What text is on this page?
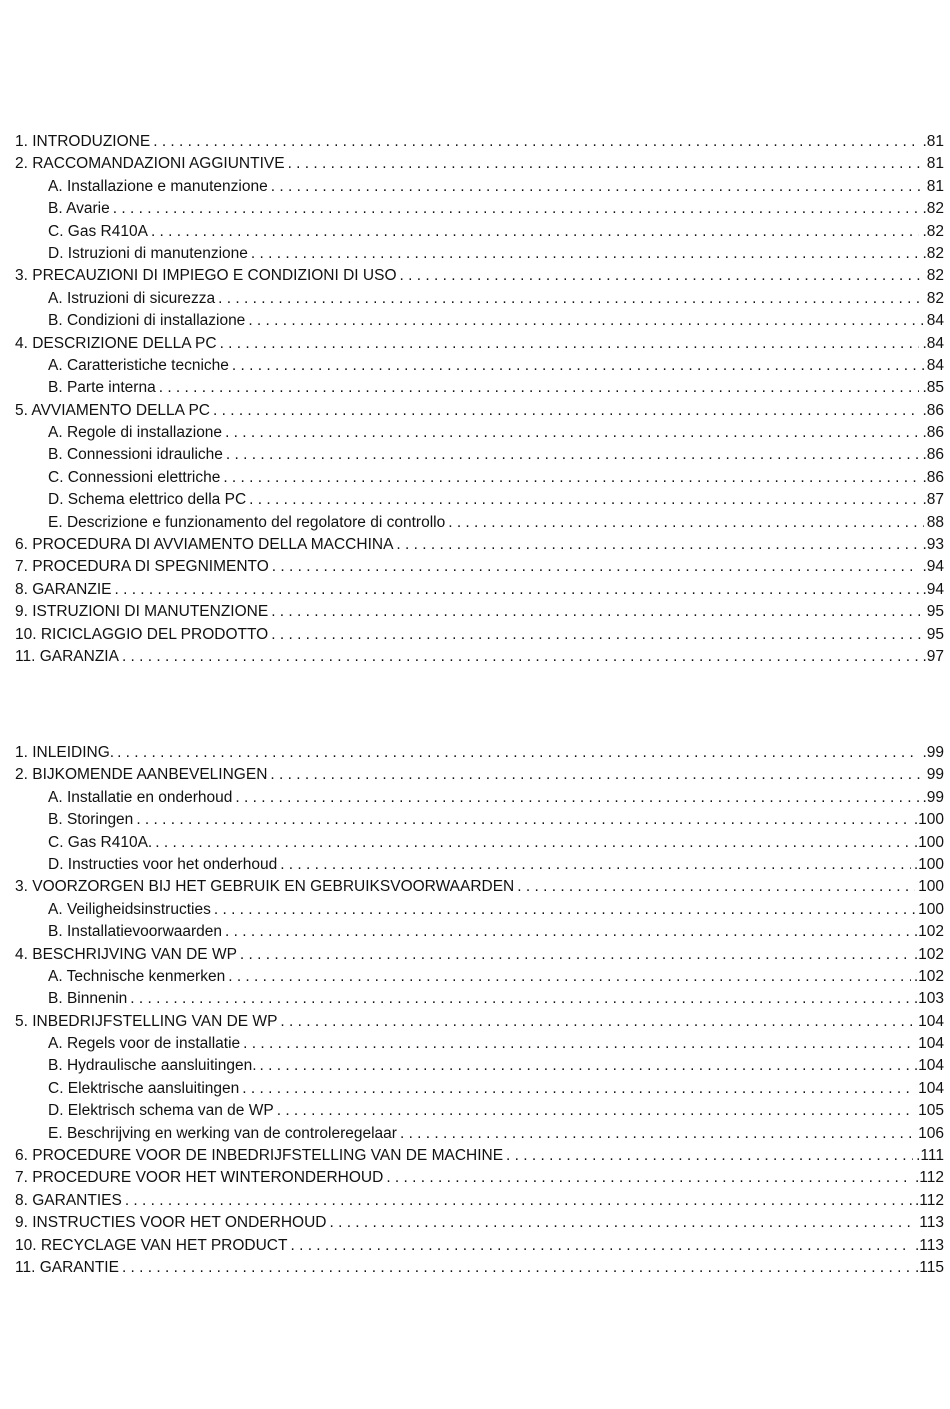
1. INTRODUZIONE . . .	.81
2. RACCOMANDAZIONI AGGIUNTIVE . . .	81
A. Installazione e manutenzione . . .	81
B. Avarie . . .	.82
C. Gas R410A . . .	.82
D. Istruzioni di manutenzione . . .	.82
3. PRECAUZIONI DI IMPIEGO E CONDIZIONI DI USO . . .	82
A. Istruzioni di sicurezza . . .	82
B. Condizioni di installazione . . .	84
4. DESCRIZIONE DELLA PC . . .	.84
A. Caratteristiche tecniche . . .	84
B. Parte interna . . .	.85
5. AVVIAMENTO DELLA PC . . .	.86
A. Regole di installazione . . .	.86
B. Connessioni idrauliche . . .	.86
C. Connessioni elettriche . . .	.86
D. Schema elettrico della PC . . .	.87
E. Descrizione e funzionamento del regolatore di controllo . . .	88
6. PROCEDURA DI AVVIAMENTO DELLA MACCHINA . . .	.93
7. PROCEDURA DI SPEGNIMENTO . . .	.94
8. GARANZIE . . .	.94
9. ISTRUZIONI DI MANUTENZIONE . . .	95
10. RICICLAGGIO DEL PRODOTTO . . .	95
11. GARANZIA . . .	.97
1. INLEIDING. . . .	.99
2. BIJKOMENDE AANBEVELINGEN . . .	99
A. Installatie en onderhoud . . .	.99
B. Storingen . . .	.100
C. Gas R410A. . . .	.100
D. Instructies voor het onderhoud . . .	.100
3. VOORZORGEN BIJ HET GEBRUIK EN GEBRUIKSVOORWAARDEN . . .	100
A. Veiligheidsinstructies . . .	100
B. Installatievoorwaarden . . .	.102
4. BESCHRIJVING VAN DE WP . . .	.102
A. Technische kenmerken . . .	.102
B. Binnenin . . .	.103
5. INBEDRIJFSTELLING VAN DE WP . . .	104
A. Regels voor de installatie . . .	104
B. Hydraulische aansluitingen. . . .	.104
C. Elektrische aansluitingen . . .	104
D. Elektrisch schema van de WP . . .	105
E. Beschrijving en werking van de controleregelaar . . .	106
6. PROCEDURE VOOR DE INBEDRIJFSTELLING VAN DE MACHINE . . .	.111
7. PROCEDURE VOOR HET WINTERONDERHOUD . . .	.112
8. GARANTIES . . .	.112
9. INSTRUCTIES VOOR HET ONDERHOUD . . .	113
10. RECYCLAGE VAN HET PRODUCT . . .	.113
11. GARANTIE . . .	.115
